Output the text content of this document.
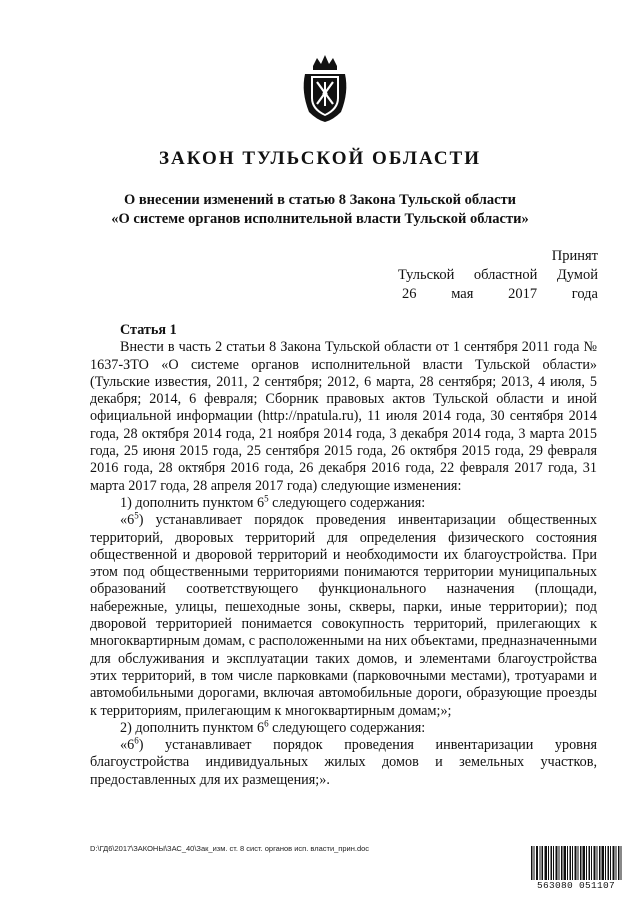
ЗАКОН ТУЛЬСКОЙ ОБЛАСТИ
О внесении изменений в статью 8 Закона Тульской области
«О системе органов исполнительной власти Тульской области»
Принят
Тульской областной Думой
26 мая 2017 года

Статья 1

Внести в часть 2 статьи 8 Закона Тульской области от 1 сентября 2011 года № 1637-ЗТО «О системе органов исполнительной власти Тульской области» (Тульские известия, 2011, 2 сентября; 2012, 6 марта, 28 сентября; 2013, 4 июля, 5 декабря; 2014, 6 февраля; Сборник правовых актов Тульской области и иной официальной информации (http://npatula.ru), 11 июля 2014 года, 30 сентября 2014 года, 28 октября 2014 года, 21 ноября 2014 года, 3 декабря 2014 года, 3 марта 2015 года, 25 июня 2015 года, 25 сентября 2015 года, 26 октября 2015 года, 29 февраля 2016 года, 28 октября 2016 года, 26 декабря 2016 года, 22 февраля 2017 года, 31 марта 2017 года, 28 апреля 2017 года) следующие изменения:

1) дополнить пунктом $6^5$ следующего содержания:

«$6^5$) устанавливает порядок проведения инвентаризации общественных территорий, дворовых территорий для определения физического состояния общественной и дворовой территорий и необходимости их благоустройства. При этом под общественными территориями понимаются территории муниципальных образований соответствующего функционального назначения (площади, набережные, улицы, пешеходные зоны, скверы, парки, иные территории); под дворовой территорией понимается совокупность территорий, прилегающих к многоквартирным домам, с расположенными на них объектами, предназначенными для обслуживания и эксплуатации таких домов, и элементами благоустройства этих территорий, в том числе парковками (парковочными местами), тротуарами и автомобильными дорогами, включая автомобильные дороги, образующие проезды к территориям, прилегающим к многоквартирным домам;»;

2) дополнить пунктом $6^6$ следующего содержания:

«$6^6$) устанавливает порядок проведения инвентаризации уровня благоустройства индивидуальных жилых домов и земельных участков, предоставленных для их размещения;».

D:\ГД6\2017\ЗАКОНЫ\ЗАС_40\Зак_изм. ст. 8 сист. органов исп. власти_прин.doc
563080 051107
